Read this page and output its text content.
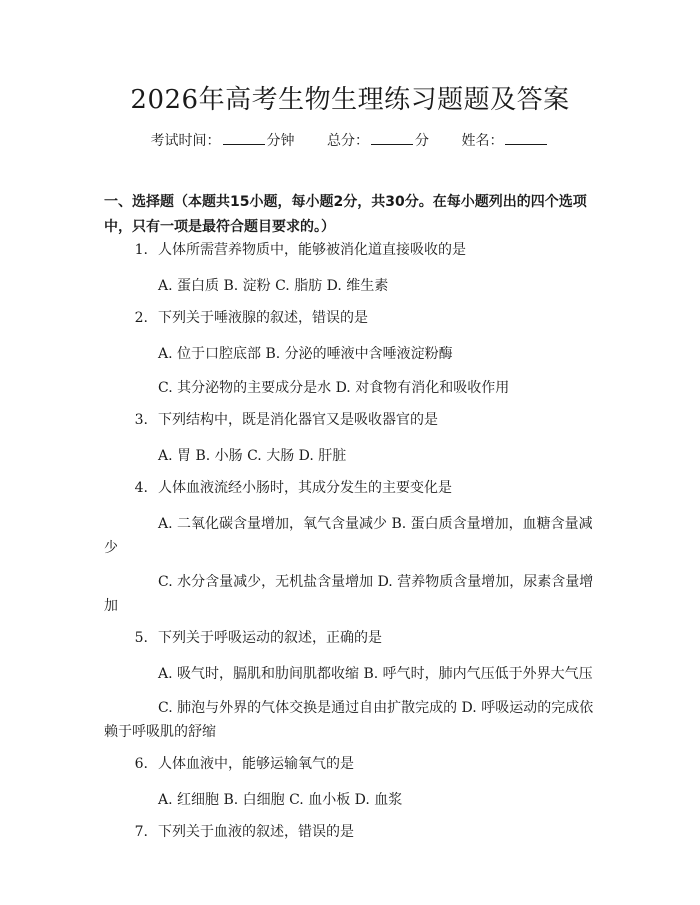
2026年高考生物生理练习题题及答案
考试时间：	分钟 总分：	分 姓名：
一、选择题（本题共15小题，每小题2分，共30分。在每小题列出的四个选项中，只有一项是最符合题目要求的。）
1. 人体所需营养物质中，能够被消化道直接吸收的是
A. 蛋白质 B. 淀粉 C. 脂肪 D. 维生素
2. 下列关于唾液腺的叙述，错误的是
A. 位于口腔底部 B. 分泌的唾液中含唾液淀粉酶
C. 其分泌物的主要成分是水 D. 对食物有消化和吸收作用
3. 下列结构中，既是消化器官又是吸收器官的是
A. 胃 B. 小肠 C. 大肠 D. 肝脏
4. 人体血液流经小肠时，其成分发生的主要变化是
A. 二氧化碳含量增加，氧气含量减少 B. 蛋白质含量增加，血糖含量减少
C. 水分含量减少，无机盐含量增加 D. 营养物质含量增加，尿素含量增加
5. 下列关于呼吸运动的叙述，正确的是
A. 吸气时，膈肌和肋间肌都收缩 B. 呼气时，肺内气压低于外界大气压
C. 肺泡与外界的气体交换是通过自由扩散完成的 D. 呼吸运动的完成依赖于呼吸肌的舒缩
6. 人体血液中，能够运输氧气的是
A. 红细胞 B. 白细胞 C. 血小板 D. 血浆
7. 下列关于血液的叙述，错误的是
